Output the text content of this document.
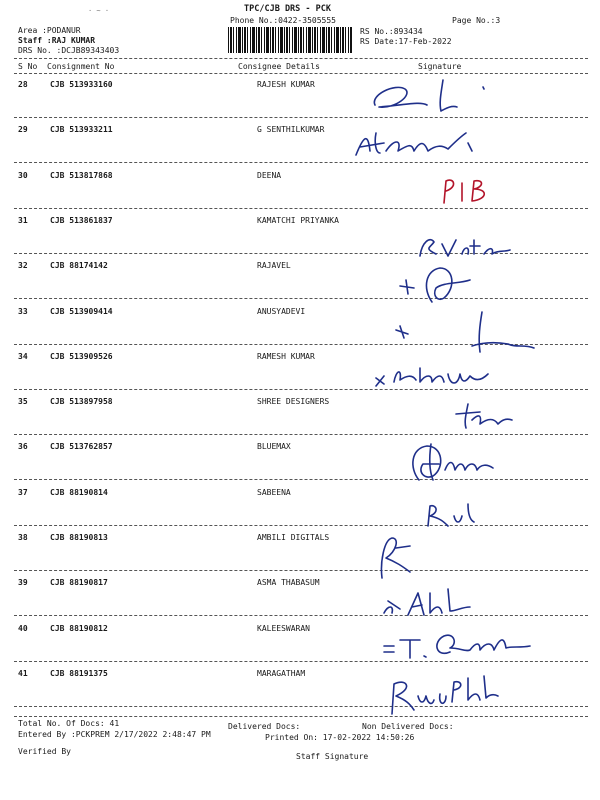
· ~ ·	TPC/CJB DRS - PCK
Phone No.:0422-3505555	Page No.:3
Area :PODANUR
Staff :RAJ KUMAR
DRS No. :DCJB89343403
RS No.:893434
RS Date:17-Feb-2022
S No Consignment No	Consignee Details	Signature
28	CJB 513933160	RAJESH KUMAR
29	CJB 513933211	G SENTHILKUMAR
30	CJB 513817868	DEENA
31	CJB 513861837	KAMATCHI PRIYANKA
32	CJB 88174142	RAJAVEL
33	CJB 513909414	ANUSYADEVI
34	CJB 513909526	RAMESH KUMAR
35	CJB 513897958	SHREE DESIGNERS
36	CJB 513762857	BLUEMAX
37	CJB 88190814	SABEENA
38	CJB 88190813	AMBILI DIGITALS
39	CJB 88190817	ASMA THABASUM
40	CJB 88190812	KALEESWARAN
41	CJB 88191375	MARAGATHAM
Total No. Of Docs: 41	Delivered Docs:	Non Delivered Docs:
Entered By :PCKPREM 2/17/2022 2:48:47 PM	Printed On: 17-02-2022 14:50:26
Verified By
Staff Signature
